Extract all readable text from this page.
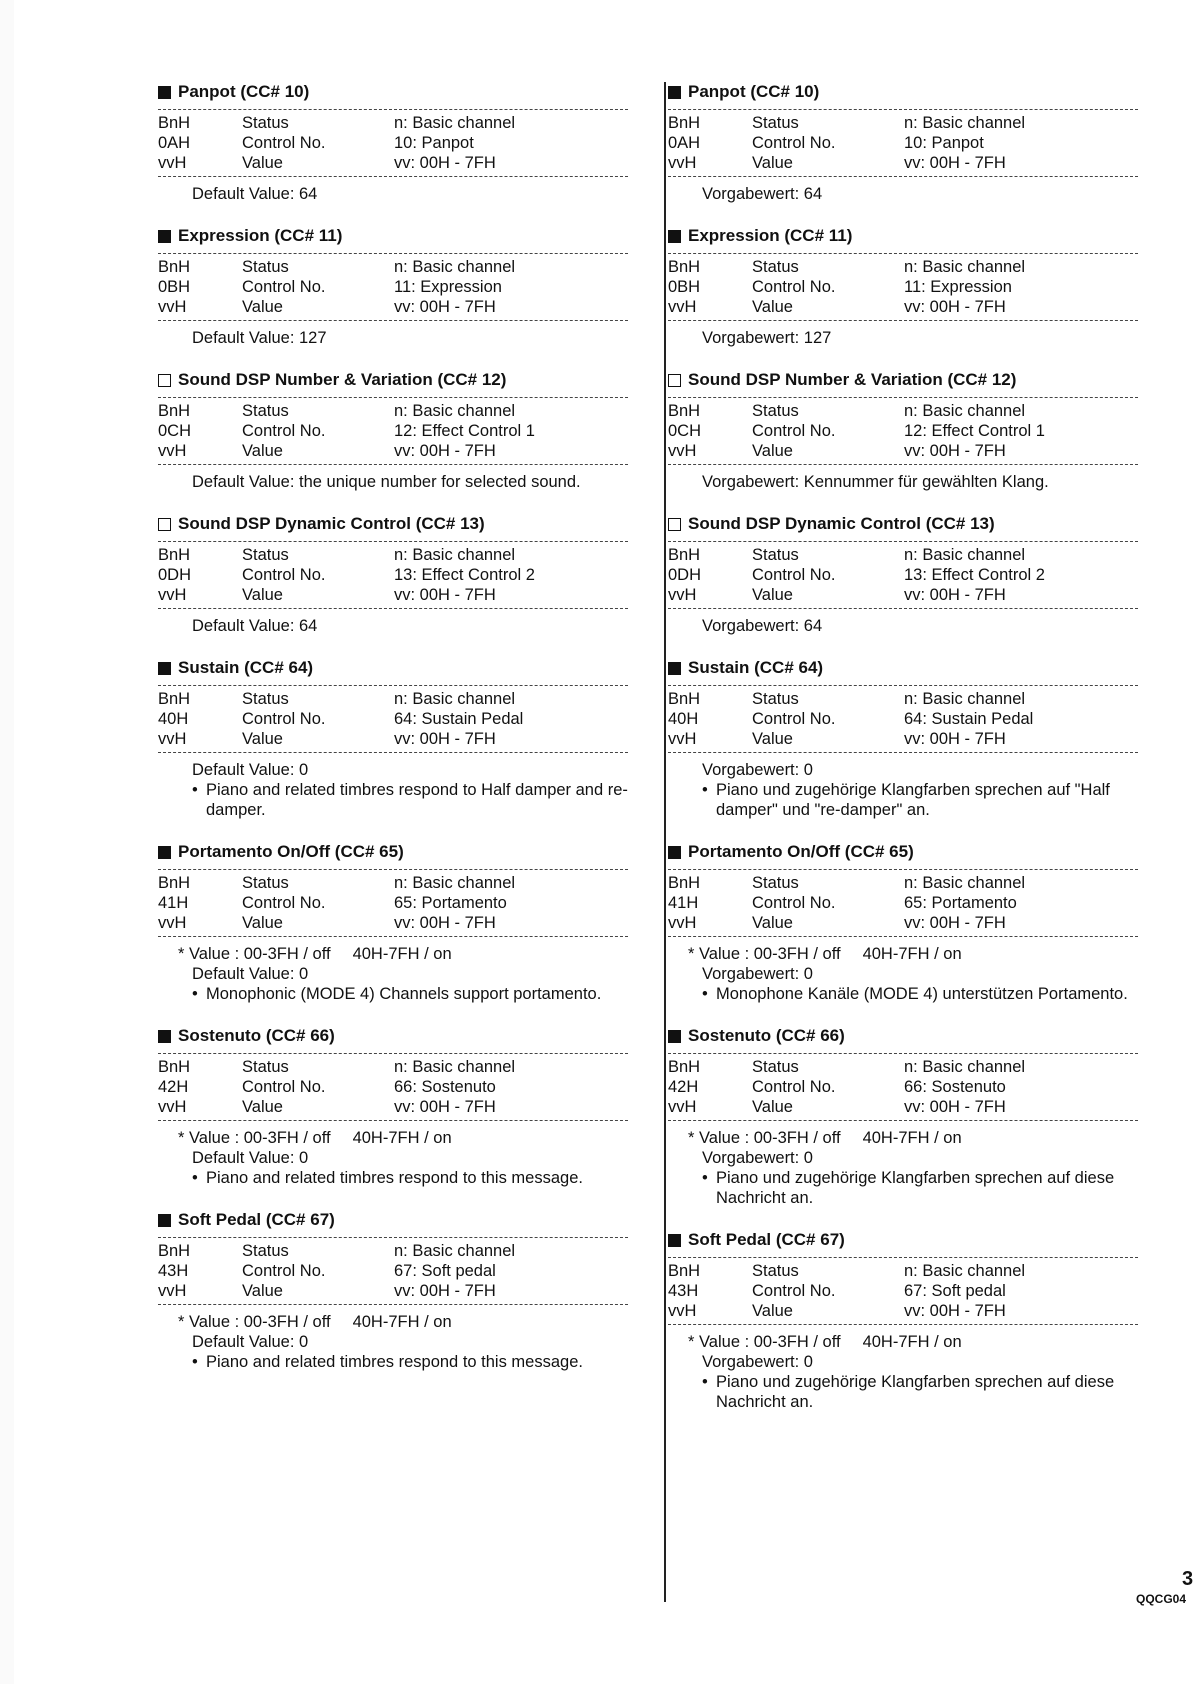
Panpot (CC# 10)
BnH	Status	n: Basic channel
0AH	Control No.	10: Panpot
vvH	Value	vv: 00H - 7FH
Default Value: 64
Expression (CC# 11)
BnH	Status	n: Basic channel
0BH	Control No.	11: Expression
vvH	Value	vv: 00H - 7FH
Default Value: 127
Sound DSP Number & Variation (CC# 12)
BnH	Status	n: Basic channel
0CH	Control No.	12: Effect Control 1
vvH	Value	vv: 00H - 7FH
Default Value: the unique number for selected sound.
Sound DSP Dynamic Control (CC# 13)
BnH	Status	n: Basic channel
0DH	Control No.	13: Effect Control 2
vvH	Value	vv: 00H - 7FH
Default Value: 64
Sustain (CC# 64)
BnH	Status	n: Basic channel
40H	Control No.	64: Sustain Pedal
vvH	Value	vv: 00H - 7FH
Default Value: 0
• Piano and related timbres respond to Half damper and re-damper.
Portamento On/Off (CC# 65)
BnH	Status	n: Basic channel
41H	Control No.	65: Portamento
vvH	Value	vv: 00H - 7FH
* Value : 00-3FH / off 40H-7FH / on
Default Value: 0
• Monophonic (MODE 4) Channels support portamento.
Sostenuto (CC# 66)
BnH	Status	n: Basic channel
42H	Control No.	66: Sostenuto
vvH	Value	vv: 00H - 7FH
* Value : 00-3FH / off 40H-7FH / on
Default Value: 0
• Piano and related timbres respond to this message.
Soft Pedal (CC# 67)
BnH	Status	n: Basic channel
43H	Control No.	67: Soft pedal
vvH	Value	vv: 00H - 7FH
* Value : 00-3FH / off 40H-7FH / on
Default Value: 0
• Piano and related timbres respond to this message.
Panpot (CC# 10)
BnH	Status	n: Basic channel
0AH	Control No.	10: Panpot
vvH	Value	vv: 00H - 7FH
Vorgabewert: 64
Expression (CC# 11)
BnH	Status	n: Basic channel
0BH	Control No.	11: Expression
vvH	Value	vv: 00H - 7FH
Vorgabewert: 127
Sound DSP Number & Variation (CC# 12)
BnH	Status	n: Basic channel
0CH	Control No.	12: Effect Control 1
vvH	Value	vv: 00H - 7FH
Vorgabewert: Kennummer für gewählten Klang.
Sound DSP Dynamic Control (CC# 13)
BnH	Status	n: Basic channel
0DH	Control No.	13: Effect Control 2
vvH	Value	vv: 00H - 7FH
Vorgabewert: 64
Sustain (CC# 64)
BnH	Status	n: Basic channel
40H	Control No.	64: Sustain Pedal
vvH	Value	vv: 00H - 7FH
Vorgabewert: 0
• Piano und zugehörige Klangfarben sprechen auf "Half damper" und "re-damper" an.
Portamento On/Off (CC# 65)
BnH	Status	n: Basic channel
41H	Control No.	65: Portamento
vvH	Value	vv: 00H - 7FH
* Value : 00-3FH / off 40H-7FH / on
Vorgabewert: 0
• Monophone Kanäle (MODE 4) unterstützen Portamento.
Sostenuto (CC# 66)
BnH	Status	n: Basic channel
42H	Control No.	66: Sostenuto
vvH	Value	vv: 00H - 7FH
* Value : 00-3FH / off 40H-7FH / on
Vorgabewert: 0
• Piano und zugehörige Klangfarben sprechen auf diese Nachricht an.
Soft Pedal (CC# 67)
BnH	Status	n: Basic channel
43H	Control No.	67: Soft pedal
vvH	Value	vv: 00H - 7FH
* Value : 00-3FH / off 40H-7FH / on
Vorgabewert: 0
• Piano und zugehörige Klangfarben sprechen auf diese Nachricht an.
3
QQCG04
